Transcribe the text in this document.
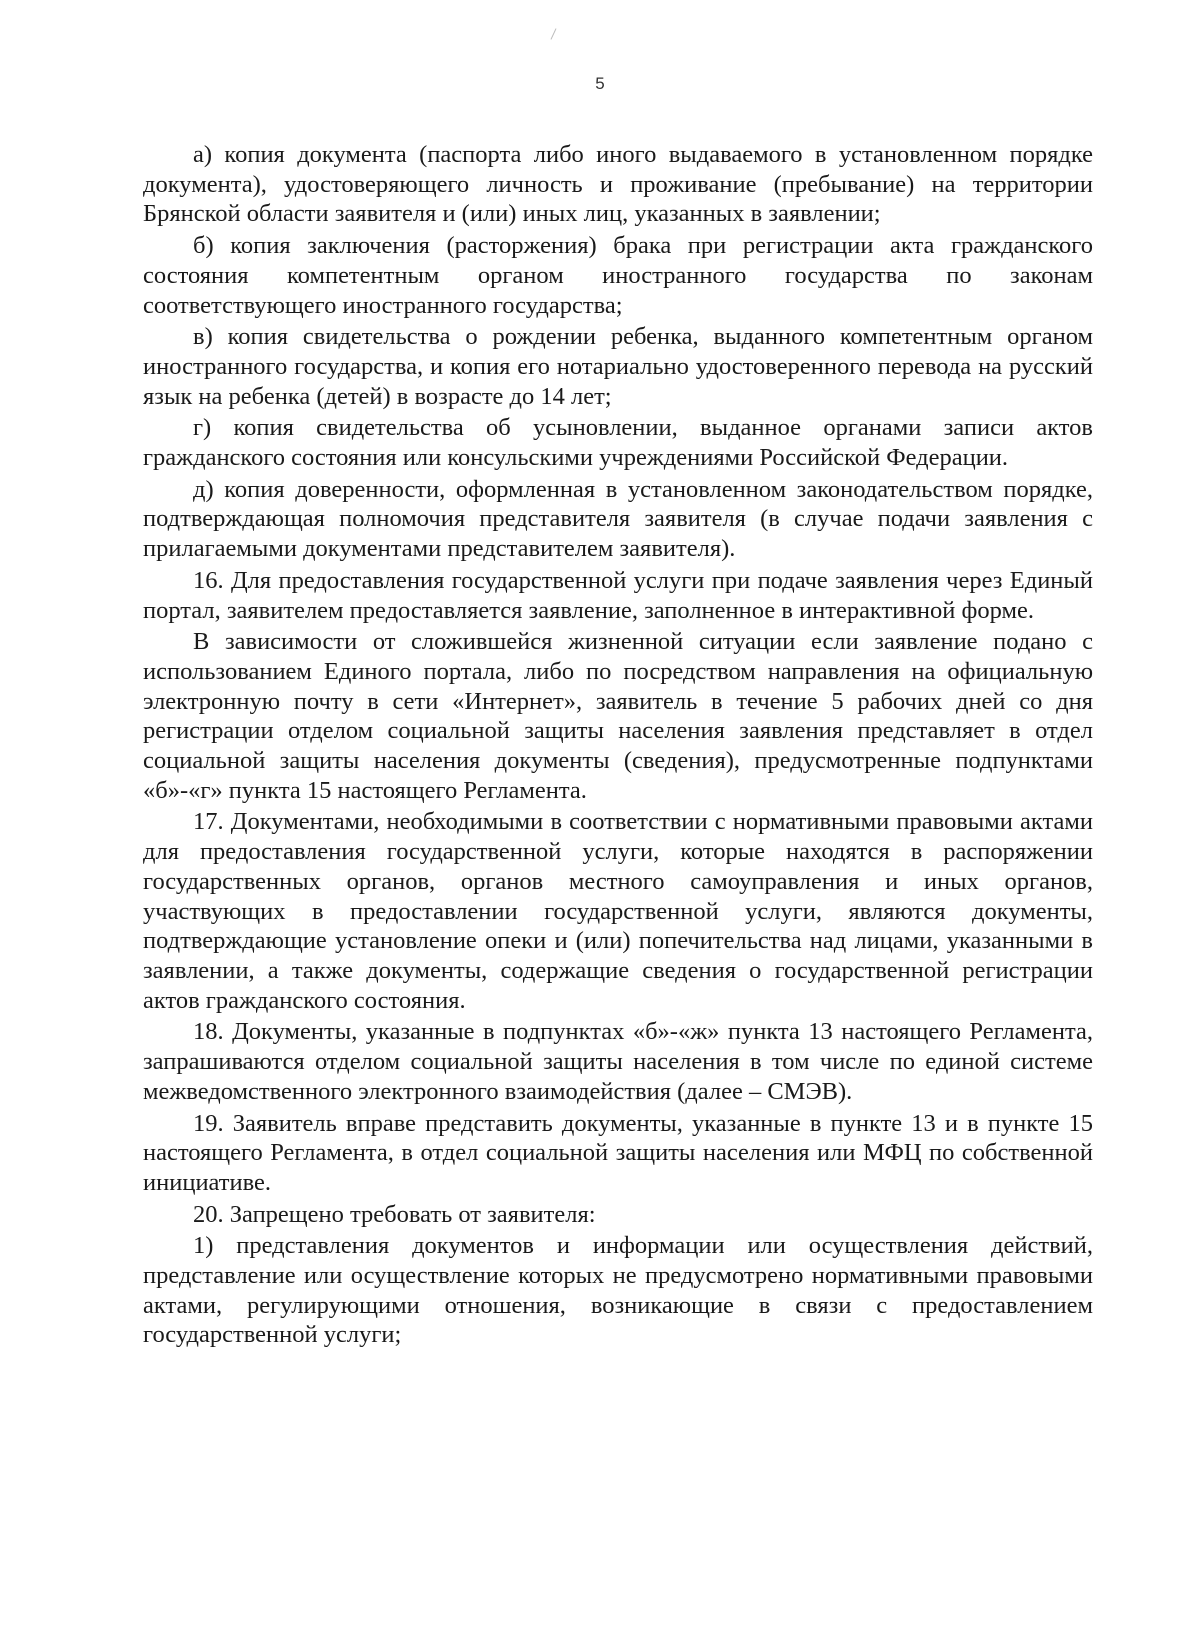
5

а) копия документа (паспорта либо иного выдаваемого в установленном порядке документа), удостоверяющего личность и проживание (пребывание) на территории Брянской области заявителя и (или) иных лиц, указанных в заявлении;

б) копия заключения (расторжения) брака при регистрации акта гражданского состояния компетентным органом иностранного государства по законам соответствующего иностранного государства;

в) копия свидетельства о рождении ребенка, выданного компетентным органом иностранного государства, и копия его нотариально удостоверенного перевода на русский язык на ребенка (детей) в возрасте до 14 лет;

г) копия свидетельства об усыновлении, выданное органами записи актов гражданского состояния или консульскими учреждениями Российской Федерации.

д) копия доверенности, оформленная в установленном законодательством порядке, подтверждающая полномочия представителя заявителя (в случае подачи заявления с прилагаемыми документами представителем заявителя).

16. Для предоставления государственной услуги при подаче заявления через Единый портал, заявителем предоставляется заявление, заполненное в интерактивной форме.

В зависимости от сложившейся жизненной ситуации если заявление подано с использованием Единого портала, либо по посредством направления на официальную электронную почту в сети «Интернет», заявитель в течение 5 рабочих дней со дня регистрации отделом социальной защиты населения заявления представляет в отдел социальной защиты населения документы (сведения), предусмотренные подпунктами «б»-«г» пункта 15 настоящего Регламента.

17. Документами, необходимыми в соответствии с нормативными правовыми актами для предоставления государственной услуги, которые находятся в распоряжении государственных органов, органов местного самоуправления и иных органов, участвующих в предоставлении государственной услуги, являются документы, подтверждающие установление опеки и (или) попечительства над лицами, указанными в заявлении, а также документы, содержащие сведения о государственной регистрации актов гражданского состояния.

18. Документы, указанные в подпунктах «б»-«ж» пункта 13 настоящего Регламента, запрашиваются отделом социальной защиты населения в том числе по единой системе межведомственного электронного взаимодействия (далее – СМЭВ).

19. Заявитель вправе представить документы, указанные в пункте 13 и в пункте 15 настоящего Регламента, в отдел социальной защиты населения или МФЦ по собственной инициативе.

20. Запрещено требовать от заявителя:

1) представления документов и информации или осуществления действий, представление или осуществление которых не предусмотрено нормативными правовыми актами, регулирующими отношения, возникающие в связи с предоставлением государственной услуги;
